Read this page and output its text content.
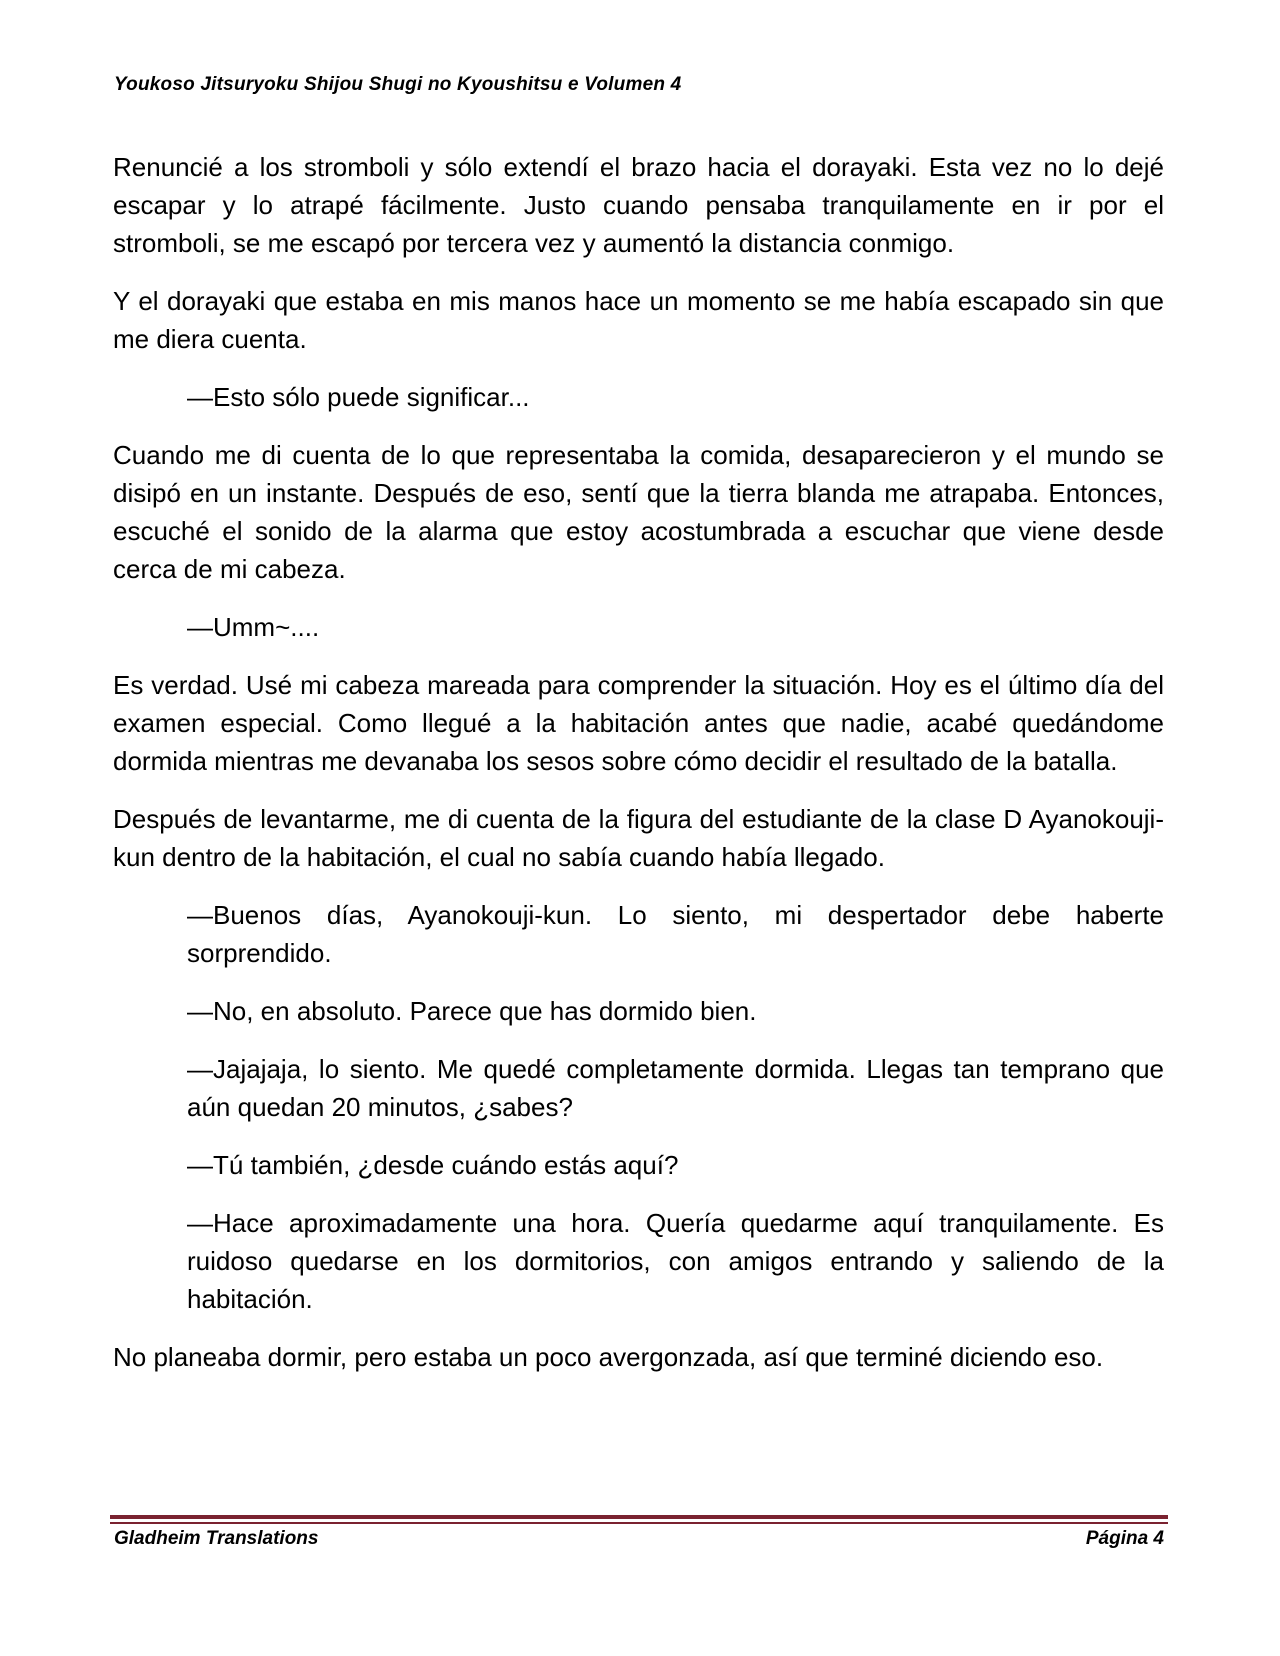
Youkoso Jitsuryoku Shijou Shugi no Kyoushitsu e Volumen 4

Renuncié a los stromboli y sólo extendí el brazo hacia el dorayaki. Esta vez no lo dejé escapar y lo atrapé fácilmente. Justo cuando pensaba tranquilamente en ir por el stromboli, se me escapó por tercera vez y aumentó la distancia conmigo.

Y el dorayaki que estaba en mis manos hace un momento se me había escapado sin que me diera cuenta.

—Esto sólo puede significar...

Cuando me di cuenta de lo que representaba la comida, desaparecieron y el mundo se disipó en un instante. Después de eso, sentí que la tierra blanda me atrapaba. Entonces, escuché el sonido de la alarma que estoy acostumbrada a escuchar que viene desde cerca de mi cabeza.

—Umm~....

Es verdad. Usé mi cabeza mareada para comprender la situación. Hoy es el último día del examen especial. Como llegué a la habitación antes que nadie, acabé quedándome dormida mientras me devanaba los sesos sobre cómo decidir el resultado de la batalla.

Después de levantarme, me di cuenta de la figura del estudiante de la clase D Ayanokouji-kun dentro de la habitación, el cual no sabía cuando había llegado.

—Buenos días, Ayanokouji-kun. Lo siento, mi despertador debe haberte sorprendido.

—No, en absoluto. Parece que has dormido bien.

—Jajajaja, lo siento. Me quedé completamente dormida. Llegas tan temprano que aún quedan 20 minutos, ¿sabes?

—Tú también, ¿desde cuándo estás aquí?

—Hace aproximadamente una hora. Quería quedarme aquí tranquilamente. Es ruidoso quedarse en los dormitorios, con amigos entrando y saliendo de la habitación.

No planeaba dormir, pero estaba un poco avergonzada, así que terminé diciendo eso.

Gladheim Translations	Página 4
